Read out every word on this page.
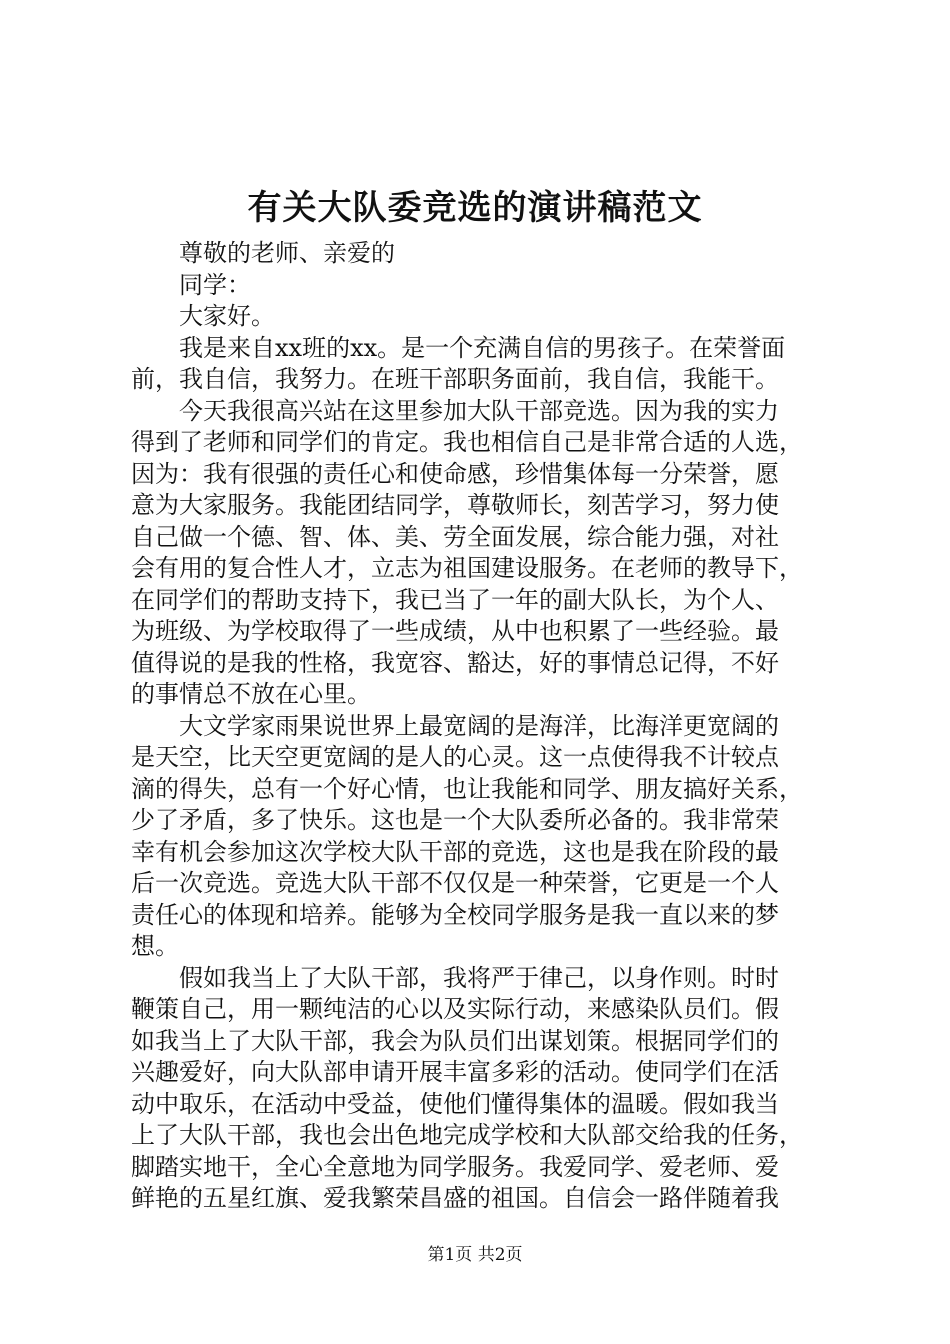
有关大队委竞选的演讲稿范文
尊敬的老师、亲爱的
同学：
大家好。
我是来自xx班的xx。是一个充满自信的男孩子。在荣誉面
前，我自信，我努力。在班干部职务面前，我自信，我能干。
今天我很高兴站在这里参加大队干部竞选。因为我的实力
得到了老师和同学们的肯定。我也相信自己是非常合适的人选，
因为：我有很强的责任心和使命感，珍惜集体每一分荣誉，愿
意为大家服务。我能团结同学，尊敬师长，刻苦学习，努力使
自己做一个德、智、体、美、劳全面发展，综合能力强，对社
会有用的复合性人才，立志为祖国建设服务。在老师的教导下，
在同学们的帮助支持下，我已当了一年的副大队长，为个人、
为班级、为学校取得了一些成绩，从中也积累了一些经验。最
值得说的是我的性格，我宽容、豁达，好的事情总记得，不好
的事情总不放在心里。
大文学家雨果说世界上最宽阔的是海洋，比海洋更宽阔的
是天空，比天空更宽阔的是人的心灵。这一点使得我不计较点
滴的得失，总有一个好心情，也让我能和同学、朋友搞好关系，
少了矛盾，多了快乐。这也是一个大队委所必备的。我非常荣
幸有机会参加这次学校大队干部的竞选，这也是我在阶段的最
后一次竞选。竞选大队干部不仅仅是一种荣誉，它更是一个人
责任心的体现和培养。能够为全校同学服务是我一直以来的梦
想。
假如我当上了大队干部，我将严于律己，以身作则。时时
鞭策自己，用一颗纯洁的心以及实际行动，来感染队员们。假
如我当上了大队干部，我会为队员们出谋划策。根据同学们的
兴趣爱好，向大队部申请开展丰富多彩的活动。使同学们在活
动中取乐，在活动中受益，使他们懂得集体的温暖。假如我当
上了大队干部，我也会出色地完成学校和大队部交给我的任务，
脚踏实地干，全心全意地为同学服务。我爱同学、爱老师、爱
鲜艳的五星红旗、爱我繁荣昌盛的祖国。自信会一路伴随着我
第1页 共2页
